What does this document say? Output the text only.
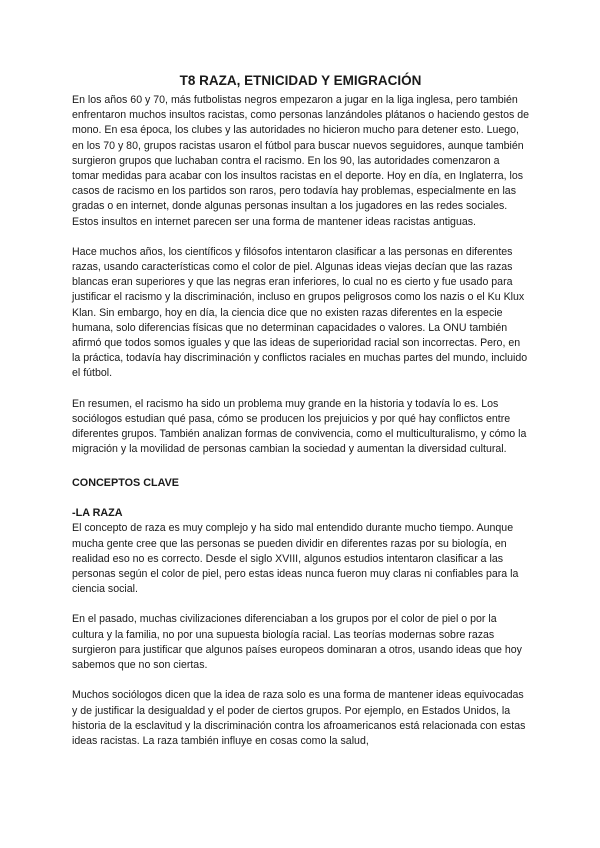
T8 RAZA, ETNICIDAD Y EMIGRACIÓN

En los años 60 y 70, más futbolistas negros empezaron a jugar en la liga inglesa, pero también enfrentaron muchos insultos racistas, como personas lanzándoles plátanos o haciendo gestos de mono. En esa época, los clubes y las autoridades no hicieron mucho para detener esto. Luego, en los 70 y 80, grupos racistas usaron el fútbol para buscar nuevos seguidores, aunque también surgieron grupos que luchaban contra el racismo. En los 90, las autoridades comenzaron a tomar medidas para acabar con los insultos racistas en el deporte. Hoy en día, en Inglaterra, los casos de racismo en los partidos son raros, pero todavía hay problemas, especialmente en las gradas o en internet, donde algunas personas insultan a los jugadores en las redes sociales. Estos insultos en internet parecen ser una forma de mantener ideas racistas antiguas.

Hace muchos años, los científicos y filósofos intentaron clasificar a las personas en diferentes razas, usando características como el color de piel. Algunas ideas viejas decían que las razas blancas eran superiores y que las negras eran inferiores, lo cual no es cierto y fue usado para justificar el racismo y la discriminación, incluso en grupos peligrosos como los nazis o el Ku Klux Klan. Sin embargo, hoy en día, la ciencia dice que no existen razas diferentes en la especie humana, solo diferencias físicas que no determinan capacidades o valores. La ONU también afirmó que todos somos iguales y que las ideas de superioridad racial son incorrectas. Pero, en la práctica, todavía hay discriminación y conflictos raciales en muchas partes del mundo, incluido el fútbol.

En resumen, el racismo ha sido un problema muy grande en la historia y todavía lo es. Los sociólogos estudian qué pasa, cómo se producen los prejuicios y por qué hay conflictos entre diferentes grupos. También analizan formas de convivencia, como el multiculturalismo, y cómo la migración y la movilidad de personas cambian la sociedad y aumentan la diversidad cultural.

CONCEPTOS CLAVE
-LA RAZA

El concepto de raza es muy complejo y ha sido mal entendido durante mucho tiempo. Aunque mucha gente cree que las personas se pueden dividir en diferentes razas por su biología, en realidad eso no es correcto. Desde el siglo XVIII, algunos estudios intentaron clasificar a las personas según el color de piel, pero estas ideas nunca fueron muy claras ni confiables para la ciencia social.

En el pasado, muchas civilizaciones diferenciaban a los grupos por el color de piel o por la cultura y la familia, no por una supuesta biología racial. Las teorías modernas sobre razas surgieron para justificar que algunos países europeos dominaran a otros, usando ideas que hoy sabemos que no son ciertas.

Muchos sociólogos dicen que la idea de raza solo es una forma de mantener ideas equivocadas y de justificar la desigualdad y el poder de ciertos grupos. Por ejemplo, en Estados Unidos, la historia de la esclavitud y la discriminación contra los afroamericanos está relacionada con estas ideas racistas. La raza también influye en cosas como la salud,
